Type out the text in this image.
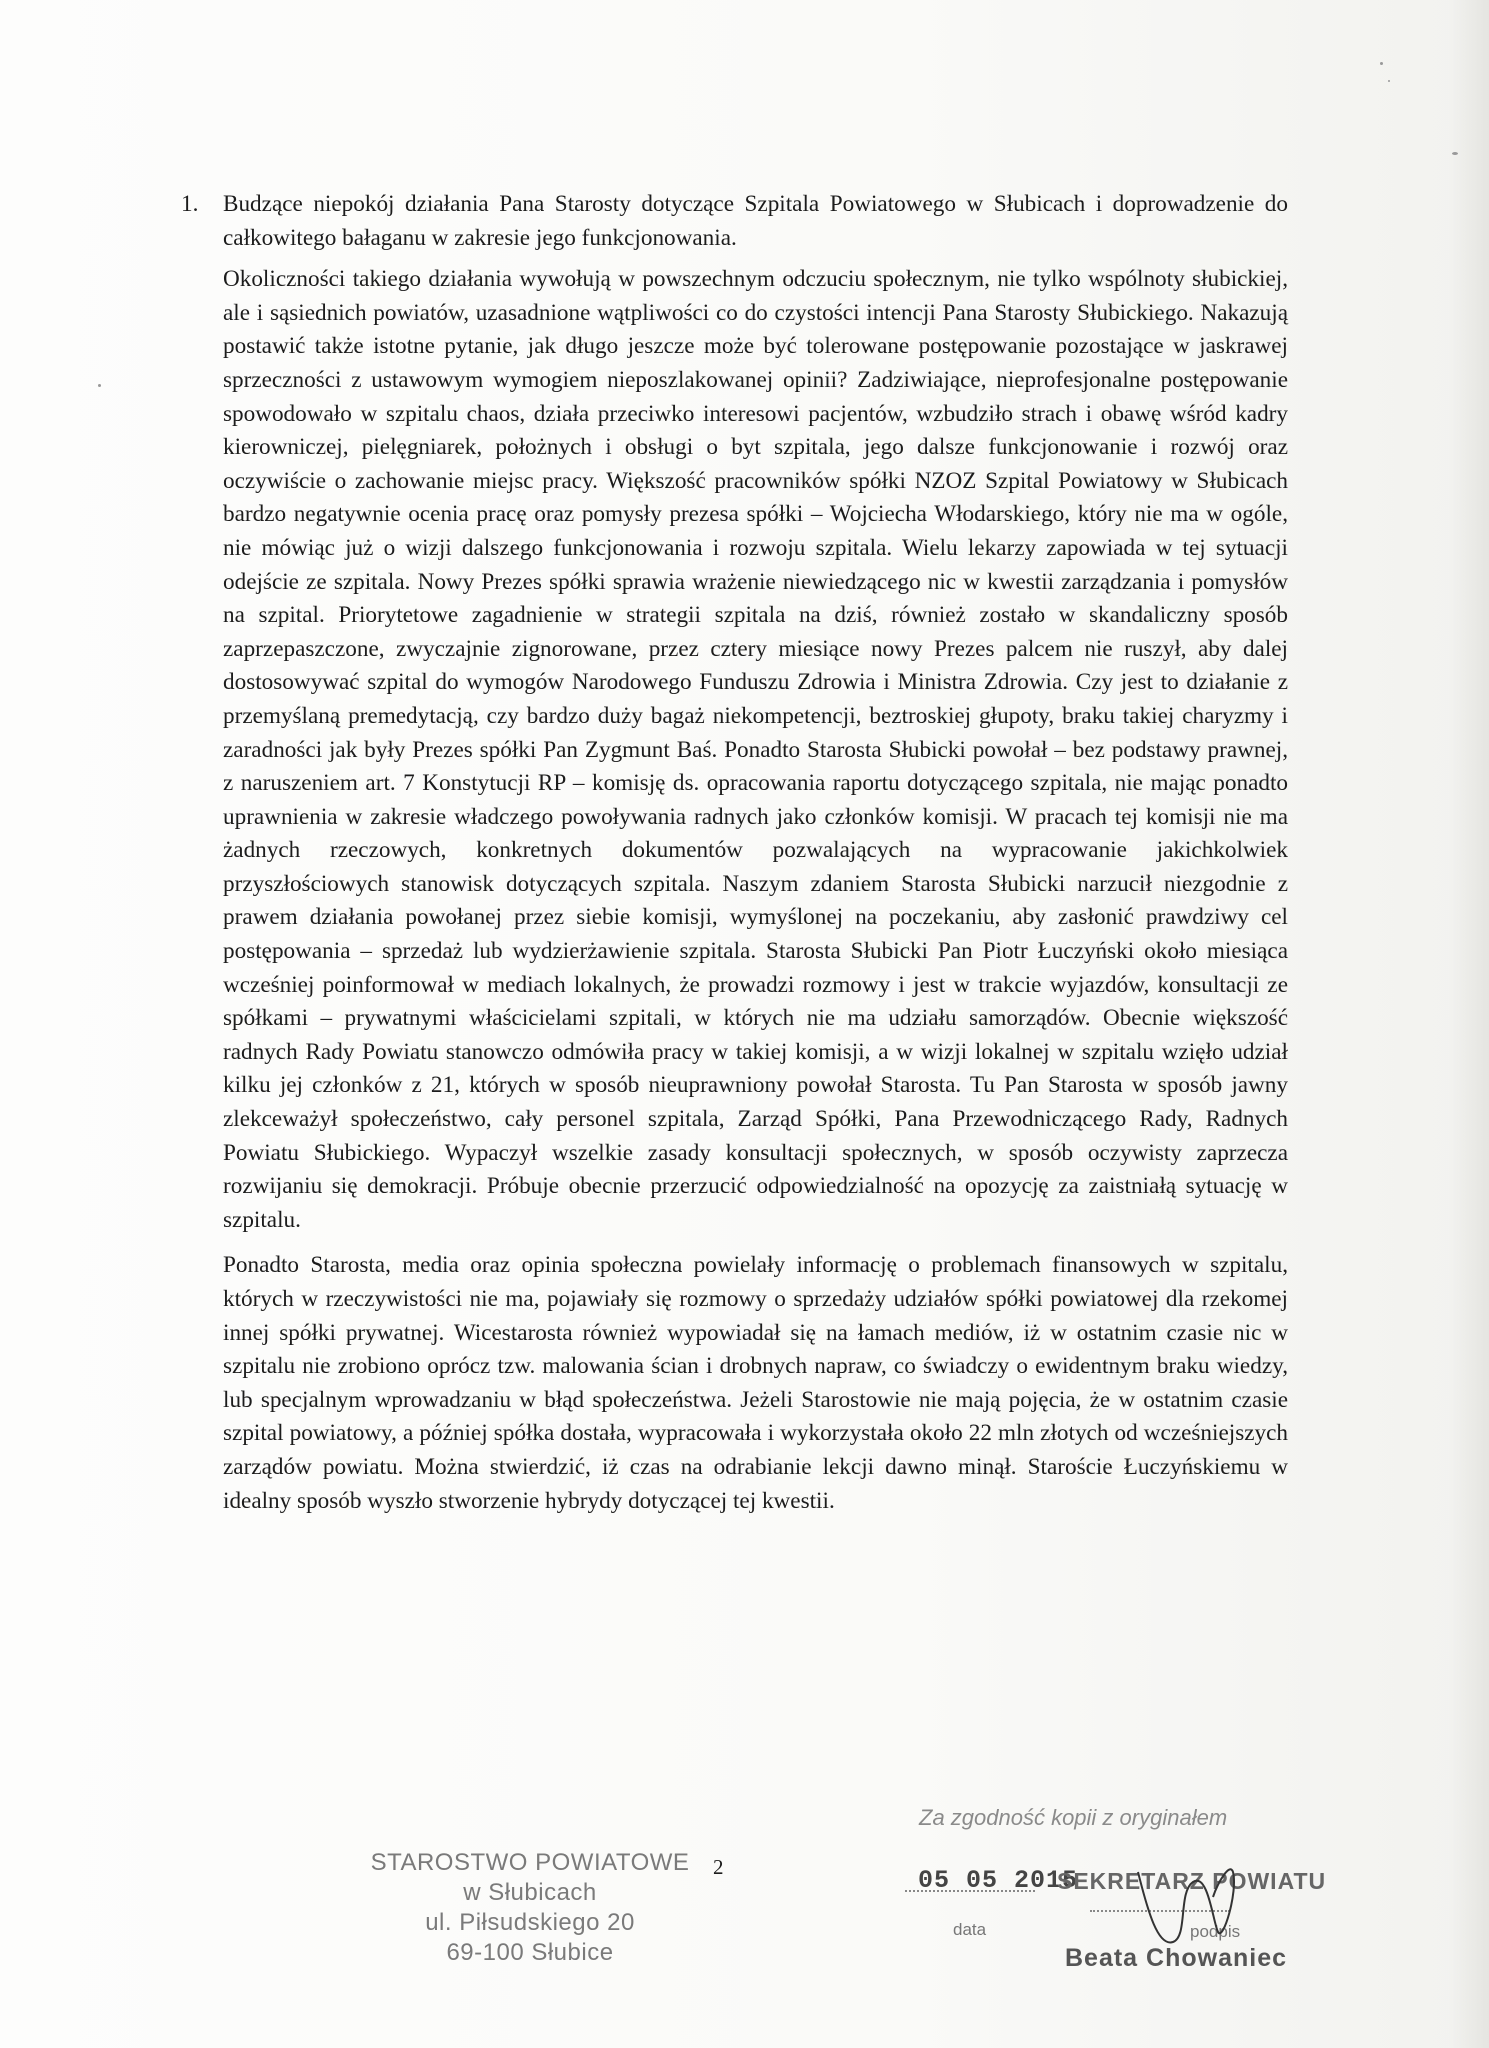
1. Budzące niepokój działania Pana Starosty dotyczące Szpitala Powiatowego w Słubicach i doprowadzenie do całkowitego bałaganu w zakresie jego funkcjonowania.

Okoliczności takiego działania wywołują w powszechnym odczuciu społecznym, nie tylko wspólnoty słubickiej, ale i sąsiednich powiatów, uzasadnione wątpliwości co do czystości intencji Pana Starosty Słubickiego. Nakazują postawić także istotne pytanie, jak długo jeszcze może być tolerowane postępowanie pozostające w jaskrawej sprzeczności z ustawowym wymogiem nieposzlakowanej opinii? Zadziwiające, nieprofesjonalne postępowanie spowodowało w szpitalu chaos, działa przeciwko interesowi pacjentów, wzbudziło strach i obawę wśród kadry kierowniczej, pielęgniarek, położnych i obsługi o byt szpitala, jego dalsze funkcjonowanie i rozwój oraz oczywiście o zachowanie miejsc pracy. Większość pracowników spółki NZOZ Szpital Powiatowy w Słubicach bardzo negatywnie ocenia pracę oraz pomysły prezesa spółki – Wojciecha Włodarskiego, który nie ma w ogóle, nie mówiąc już o wizji dalszego funkcjonowania i rozwoju szpitala. Wielu lekarzy zapowiada w tej sytuacji odejście ze szpitala. Nowy Prezes spółki sprawia wrażenie niewiedzącego nic w kwestii zarządzania i pomysłów na szpital. Priorytetowe zagadnienie w strategii szpitala na dziś, również zostało w skandaliczny sposób zaprzepaszczone, zwyczajnie zignorowane, przez cztery miesiące nowy Prezes palcem nie ruszył, aby dalej dostosowywać szpital do wymogów Narodowego Funduszu Zdrowia i Ministra Zdrowia. Czy jest to działanie z przemyślaną premedytacją, czy bardzo duży bagaż niekompetencji, beztroskiej głupoty, braku takiej charyzmy i zaradności jak były Prezes spółki Pan Zygmunt Baś. Ponadto Starosta Słubicki powołał – bez podstawy prawnej, z naruszeniem art. 7 Konstytucji RP – komisję ds. opracowania raportu dotyczącego szpitala, nie mając ponadto uprawnienia w zakresie władczego powoływania radnych jako członków komisji. W pracach tej komisji nie ma żadnych rzeczowych, konkretnych dokumentów pozwalających na wypracowanie jakichkolwiek przyszłościowych stanowisk dotyczących szpitala. Naszym zdaniem Starosta Słubicki narzucił niezgodnie z prawem działania powołanej przez siebie komisji, wymyślonej na poczekaniu, aby zasłonić prawdziwy cel postępowania – sprzedaż lub wydzierżawienie szpitala. Starosta Słubicki Pan Piotr Łuczyński około miesiąca wcześniej poinformował w mediach lokalnych, że prowadzi rozmowy i jest w trakcie wyjazdów, konsultacji ze spółkami – prywatnymi właścicielami szpitali, w których nie ma udziału samorządów. Obecnie większość radnych Rady Powiatu stanowczo odmówiła pracy w takiej komisji, a w wizji lokalnej w szpitalu wzięło udział kilku jej członków z 21, których w sposób nieuprawniony powołał Starosta. Tu Pan Starosta w sposób jawny zlekceważył społeczeństwo, cały personel szpitala, Zarząd Spółki, Pana Przewodniczącego Rady, Radnych Powiatu Słubickiego. Wypaczył wszelkie zasady konsultacji społecznych, w sposób oczywisty zaprzecza rozwijaniu się demokracji. Próbuje obecnie przerzucić odpowiedzialność na opozycję za zaistniałą sytuację w szpitalu.

Ponadto Starosta, media oraz opinia społeczna powielały informację o problemach finansowych w szpitalu, których w rzeczywistości nie ma, pojawiały się rozmowy o sprzedaży udziałów spółki powiatowej dla rzekomej innej spółki prywatnej. Wicestarosta również wypowiadał się na łamach mediów, iż w ostatnim czasie nic w szpitalu nie zrobiono oprócz tzw. malowania ścian i drobnych napraw, co świadczy o ewidentnym braku wiedzy, lub specjalnym wprowadzaniu w błąd społeczeństwa. Jeżeli Starostowie nie mają pojęcia, że w ostatnim czasie szpital powiatowy, a później spółka dostała, wypracowała i wykorzystała około 22 mln złotych od wcześniejszych zarządów powiatu. Można stwierdzić, iż czas na odrabianie lekcji dawno minął. Staroście Łuczyńskiemu w idealny sposób wyszło stworzenie hybrydy dotyczącej tej kwestii.

STAROSTWO POWIATOWE
w Słubicach
ul. Piłsudskiego 20
69-100 Słubice
2
Za zgodność kopii z oryginałem
05 05 2015
SEKRETARZ POWIATU
data	podpis
Beata Chowaniec
